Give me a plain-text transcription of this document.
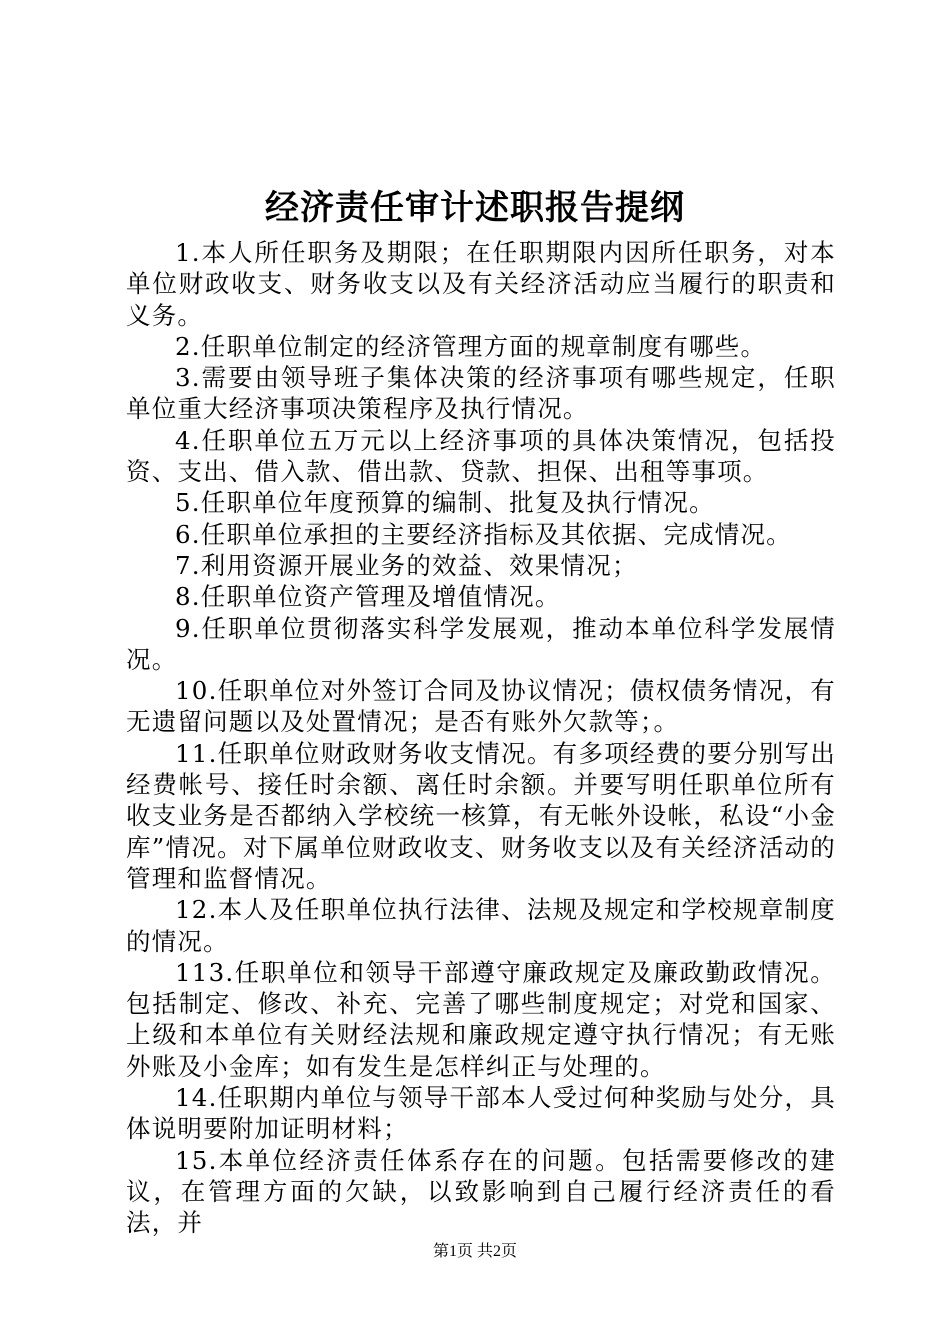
经济责任审计述职报告提纲

1.本人所任职务及期限；在任职期限内因所任职务，对本单位财政收支、财务收支以及有关经济活动应当履行的职责和义务。

2.任职单位制定的经济管理方面的规章制度有哪些。

3.需要由领导班子集体决策的经济事项有哪些规定，任职单位重大经济事项决策程序及执行情况。

4.任职单位五万元以上经济事项的具体决策情况，包括投资、支出、借入款、借出款、贷款、担保、出租等事项。

5.任职单位年度预算的编制、批复及执行情况。

6.任职单位承担的主要经济指标及其依据、完成情况。

7.利用资源开展业务的效益、效果情况；

8.任职单位资产管理及增值情况。

9.任职单位贯彻落实科学发展观，推动本单位科学发展情况。

10.任职单位对外签订合同及协议情况；债权债务情况，有无遗留问题以及处置情况；是否有账外欠款等；。

11.任职单位财政财务收支情况。有多项经费的要分别写出经费帐号、接任时余额、离任时余额。并要写明任职单位所有收支业务是否都纳入学校统一核算，有无帐外设帐，私设“小金库”情况。对下属单位财政收支、财务收支以及有关经济活动的管理和监督情况。

12.本人及任职单位执行法律、法规及规定和学校规章制度的情况。

113.任职单位和领导干部遵守廉政规定及廉政勤政情况。包括制定、修改、补充、完善了哪些制度规定；对党和国家、上级和本单位有关财经法规和廉政规定遵守执行情况；有无账外账及小金库；如有发生是怎样纠正与处理的。

14.任职期内单位与领导干部本人受过何种奖励与处分，具体说明要附加证明材料；

15.本单位经济责任体系存在的问题。包括需要修改的建议，在管理方面的欠缺，以致影响到自己履行经济责任的看法，并

第1页 共2页
